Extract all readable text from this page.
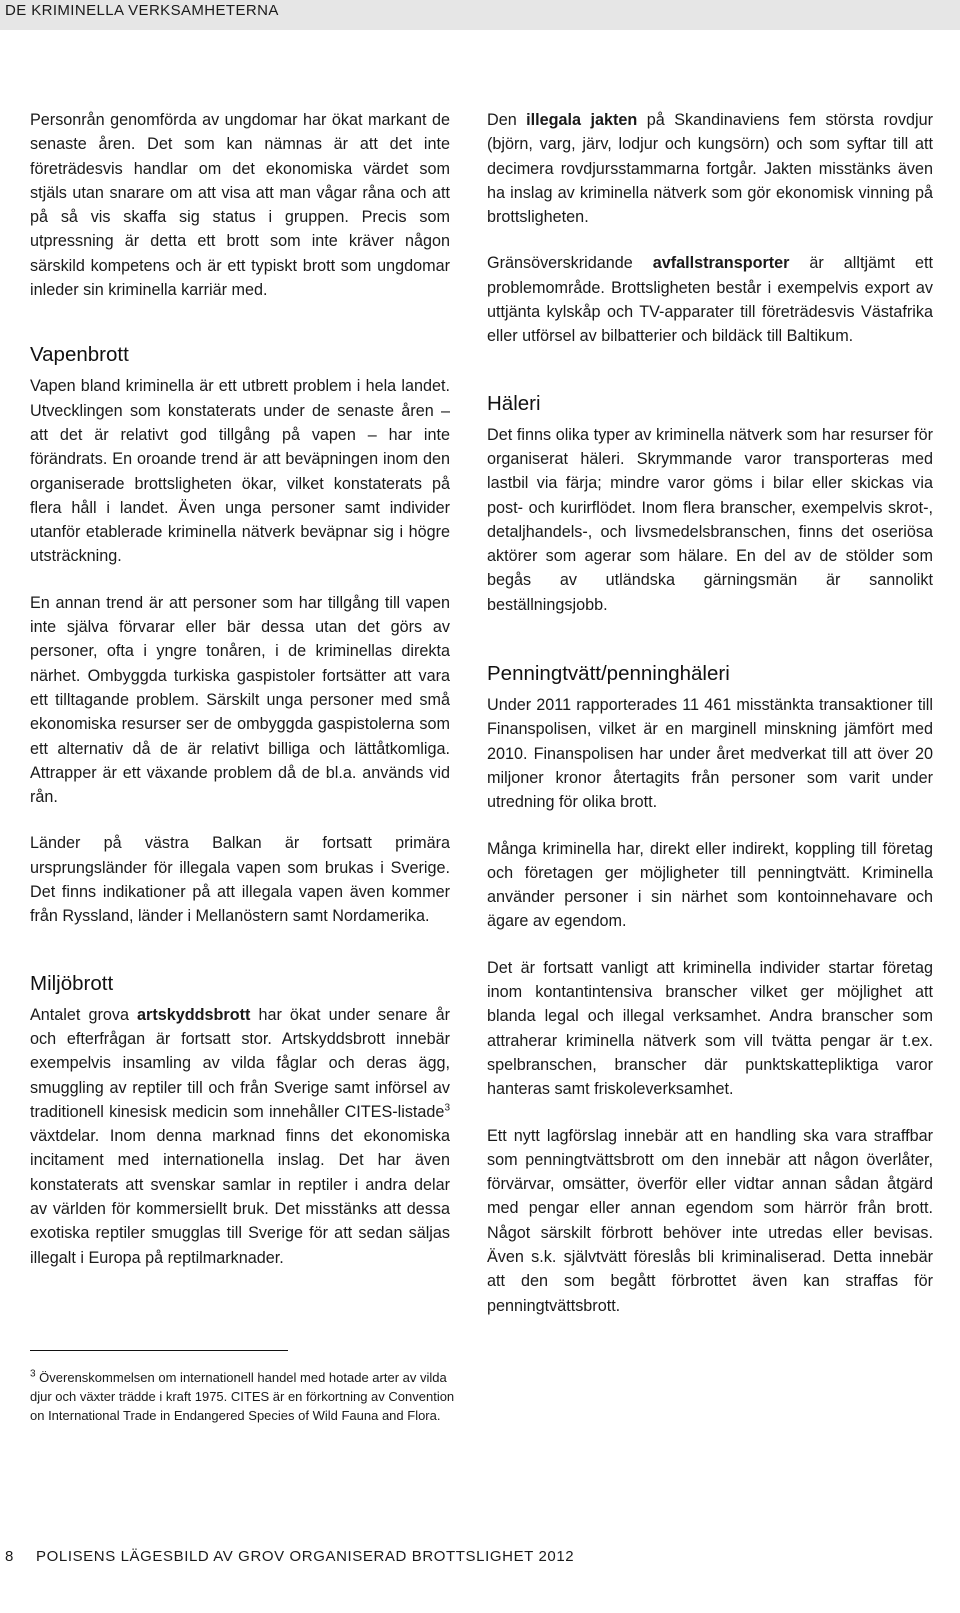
DE KRIMINELLA VERKSAMHETERNA

Personrån genomförda av ungdomar har ökat markant de senaste åren. Det som kan nämnas är att det inte företrädesvis handlar om det ekonomiska värdet som stjäls utan snarare om att visa att man vågar råna och att på så vis skaffa sig status i gruppen. Precis som utpressning är detta ett brott som inte kräver någon särskild kompetens och är ett typiskt brott som ungdomar inleder sin kriminella karriär med.

Vapenbrott

Vapen bland kriminella är ett utbrett problem i hela landet. Utvecklingen som konstaterats under de senaste åren – att det är relativt god tillgång på vapen – har inte förändrats. En oroande trend är att beväpningen inom den organiserade brottsligheten ökar, vilket konstaterats på flera håll i landet. Även unga personer samt individer utanför etablerade kriminella nätverk beväpnar sig i högre utsträckning.

En annan trend är att personer som har tillgång till vapen inte själva förvarar eller bär dessa utan det görs av personer, ofta i yngre tonåren, i de kriminellas direkta närhet. Ombyggda turkiska gaspistoler fortsätter att vara ett tilltagande problem. Särskilt unga personer med små ekonomiska resurser ser de ombyggda gaspistolerna som ett alternativ då de är relativt billiga och lättåtkomliga. Attrapper är ett växande problem då de bl.a. används vid rån.

Länder på västra Balkan är fortsatt primära ursprungsländer för illegala vapen som brukas i Sverige. Det finns indikationer på att illegala vapen även kommer från Ryssland, länder i Mellanöstern samt Nordamerika.

Miljöbrott

Antalet grova artskyddsbrott har ökat under senare år och efterfrågan är fortsatt stor. Artskyddsbrott innebär exempelvis insamling av vilda fåglar och deras ägg, smuggling av reptiler till och från Sverige samt införsel av traditionell kinesisk medicin som innehåller CITES-listade$^3$ växtdelar. Inom denna marknad finns det ekonomiska incitament med internationella inslag. Det har även konstaterats att svenskar samlar in reptiler i andra delar av världen för kommersiellt bruk. Det misstänks att dessa exotiska reptiler smugglas till Sverige för att sedan säljas illegalt i Europa på reptilmarknader.

$^3$ Överenskommelsen om internationell handel med hotade arter av vilda djur och växter trädde i kraft 1975. CITES är en förkortning av Convention on International Trade in Endangered Species of Wild Fauna and Flora.

Den illegala jakten på Skandinaviens fem största rovdjur (björn, varg, järv, lodjur och kungsörn) och som syftar till att decimera rovdjursstammarna fortgår. Jakten misstänks även ha inslag av kriminella nätverk som gör ekonomisk vinning på brottsligheten.

Gränsöverskridande avfallstransporter är alltjämt ett problemområde. Brottsligheten består i exempelvis export av uttjänta kylskåp och TV-apparater till företrädesvis Västafrika eller utförsel av bilbatterier och bildäck till Baltikum.

Häleri

Det finns olika typer av kriminella nätverk som har resurser för organiserat häleri. Skrymmande varor transporteras med lastbil via färja; mindre varor göms i bilar eller skickas via post- och kurirflödet. Inom flera branscher, exempelvis skrot-, detaljhandels-, och livsmedelsbranschen, finns det oseriösa aktörer som agerar som hälare. En del av de stölder som begås av utländska gärningsmän är sannolikt beställningsjobb.

Penningtvätt/penninghäleri

Under 2011 rapporterades 11 461 misstänkta transaktioner till Finanspolisen, vilket är en marginell minskning jämfört med 2010. Finanspolisen har under året medverkat till att över 20 miljoner kronor återtagits från personer som varit under utredning för olika brott.

Många kriminella har, direkt eller indirekt, koppling till företag och företagen ger möjligheter till penningtvätt. Kriminella använder personer i sin närhet som kontoinnehavare och ägare av egendom.

Det är fortsatt vanligt att kriminella individer startar företag inom kontantintensiva branscher vilket ger möjlighet att blanda legal och illegal verksamhet. Andra branscher som attraherar kriminella nätverk som vill tvätta pengar är t.ex. spelbranschen, branscher där punktskattepliktiga varor hanteras samt friskoleverksamhet.

Ett nytt lagförslag innebär att en handling ska vara straffbar som penningtvättsbrott om den innebär att någon överlåter, förvärvar, omsätter, överför eller vidtar annan sådan åtgärd med pengar eller annan egendom som härrör från brott. Något särskilt förbrott behöver inte utredas eller bevisas. Även s.k. självtvätt föreslås bli kriminaliserad. Detta innebär att den som begått förbrottet även kan straffas för penningtvättsbrott.

8 POLISENS LÄGESBILD AV GROV ORGANISERAD BROTTSLIGHET 2012
